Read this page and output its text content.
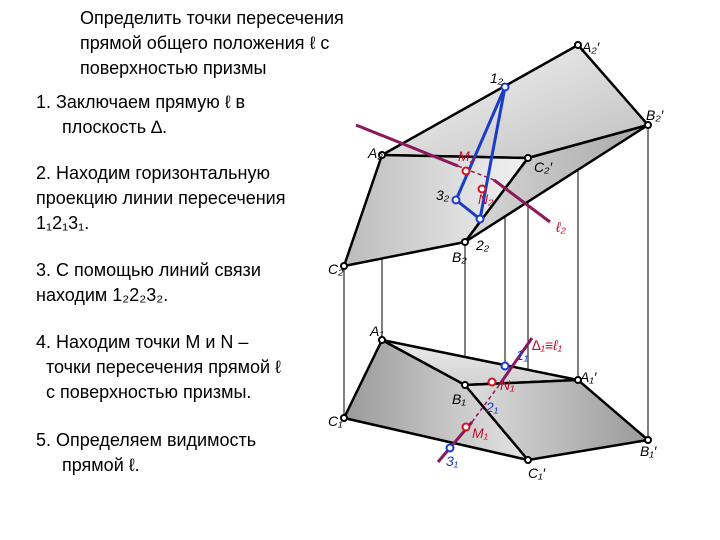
Определить точки пересечения
прямой общего положения ℓ с
поверхностью призмы
1. Заключаем прямую ℓ в
плоскость ∆.
2. Находим горизонтальную
проекцию линии пересечения
1₁2₁3₁.
3. С помощью линий связи
находим 1₂2₂3₂.
4. Находим точки М и N –
точки пересечения прямой ℓ
с поверхностью призмы.
5. Определяем видимость
прямой ℓ.
A₂′
B₂′
C₂′
A₂
B₂
C₂
1₂
3₂
2₂
M₂
N₂
ℓ₂
A₁
B₁
C₁
A₁′
B₁′
C₁′
1₁
2₁
3₁
M₁
N₁
∆₁≡ℓ₁
